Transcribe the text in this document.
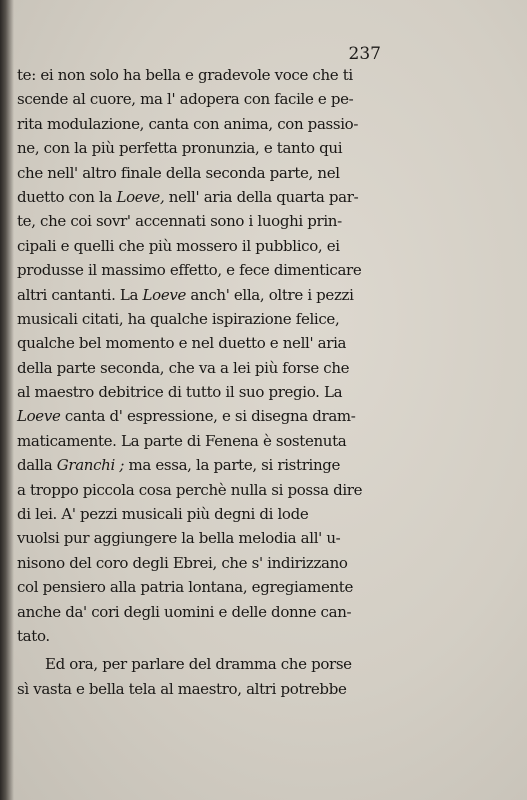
237
te: ei non solo ha bella e gradevole voce che ti
scende al cuore, ma l' adopera con facile e pe-
rita modulazione, canta con anima, con passio-
ne, con la più perfetta pronunzia, e tanto qui
che nell' altro finale della seconda parte, nel
duetto con la Loeve, nell' aria della quarta par-
te, che coi sovr' accennati sono i luoghi prin-
cipali e quelli che più mossero il pubblico, ei
produsse il massimo effetto, e fece dimenticare
altri cantanti. La Loeve anch' ella, oltre i pezzi
musicali citati, ha qualche ispirazione felice,
qualche bel momento e nel duetto e nell' aria
della parte seconda, che va a lei più forse che
al maestro debitrice di tutto il suo pregio. La
Loeve canta d' espressione, e si disegna dram-
maticamente. La parte di Fenena è sostenuta
dalla Granchi ; ma essa, la parte, si ristringe
a troppo piccola cosa perchè nulla si possa dire
di lei. A' pezzi musicali più degni di lode
vuolsi pur aggiungere la bella melodia all' u-
nisono del coro degli Ebrei, che s' indirizzano
col pensiero alla patria lontana, egregiamente
anche da' cori degli uomini e delle donne can-
tato.
Ed ora, per parlare del dramma che porse
sì vasta e bella tela al maestro, altri potrebbe
